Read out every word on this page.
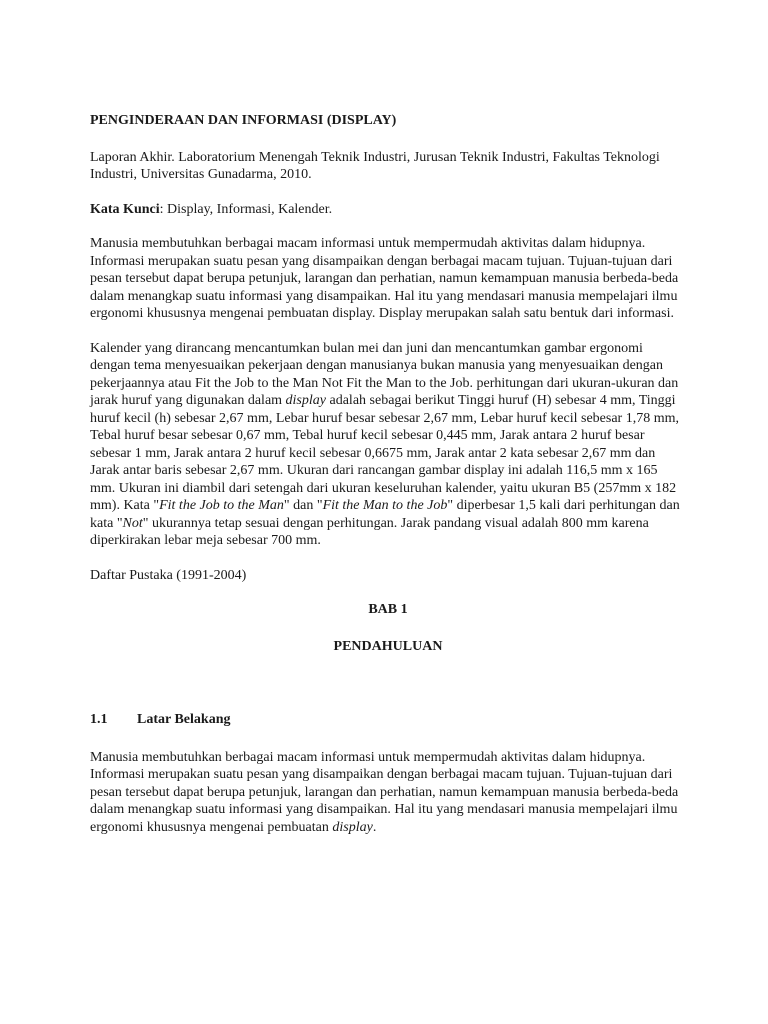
PENGINDERAAN DAN INFORMASI (DISPLAY)

Laporan Akhir. Laboratorium Menengah Teknik Industri, Jurusan Teknik Industri, Fakultas Teknologi Industri, Universitas Gunadarma, 2010.

Kata Kunci: Display, Informasi, Kalender.

Manusia membutuhkan berbagai macam informasi untuk mempermudah aktivitas dalam hidupnya. Informasi merupakan suatu pesan yang disampaikan dengan berbagai macam tujuan. Tujuan-tujuan dari pesan tersebut dapat berupa petunjuk, larangan dan perhatian, namun kemampuan manusia berbeda-beda dalam menangkap suatu informasi yang disampaikan. Hal itu yang mendasari manusia mempelajari ilmu ergonomi khususnya mengenai pembuatan display. Display merupakan salah satu bentuk dari informasi.

Kalender yang dirancang mencantumkan bulan mei dan juni dan mencantumkan gambar ergonomi dengan tema menyesuaikan pekerjaan dengan manusianya bukan manusia yang menyesuaikan dengan pekerjaannya atau Fit the Job to the Man Not Fit the Man to the Job. perhitungan dari ukuran-ukuran dan jarak huruf yang digunakan dalam display adalah sebagai berikut Tinggi huruf (H) sebesar 4 mm, Tinggi huruf kecil (h) sebesar 2,67 mm, Lebar huruf besar sebesar 2,67 mm, Lebar huruf kecil sebesar 1,78 mm, Tebal huruf besar sebesar 0,67 mm, Tebal huruf kecil sebesar 0,445 mm, Jarak antara 2 huruf besar sebesar 1 mm, Jarak antara 2 huruf kecil sebesar 0,6675 mm, Jarak antar 2 kata sebesar 2,67 mm dan Jarak antar baris sebesar 2,67 mm. Ukuran dari rancangan gambar display ini adalah 116,5 mm x 165 mm. Ukuran ini diambil dari setengah dari ukuran keseluruhan kalender, yaitu ukuran B5 (257mm x 182 mm). Kata "Fit the Job to the Man" dan "Fit the Man to the Job" diperbesar 1,5 kali dari perhitungan dan kata "Not" ukurannya tetap sesuai dengan perhitungan. Jarak pandang visual adalah 800 mm karena diperkirakan lebar meja sebesar 700 mm.

Daftar Pustaka (1991-2004)

BAB 1
PENDAHULUAN
1.1 Latar Belakang

Manusia membutuhkan berbagai macam informasi untuk mempermudah aktivitas dalam hidupnya. Informasi merupakan suatu pesan yang disampaikan dengan berbagai macam tujuan. Tujuan-tujuan dari pesan tersebut dapat berupa petunjuk, larangan dan perhatian, namun kemampuan manusia berbeda-beda dalam menangkap suatu informasi yang disampaikan. Hal itu yang mendasari manusia mempelajari ilmu ergonomi khususnya mengenai pembuatan display.
